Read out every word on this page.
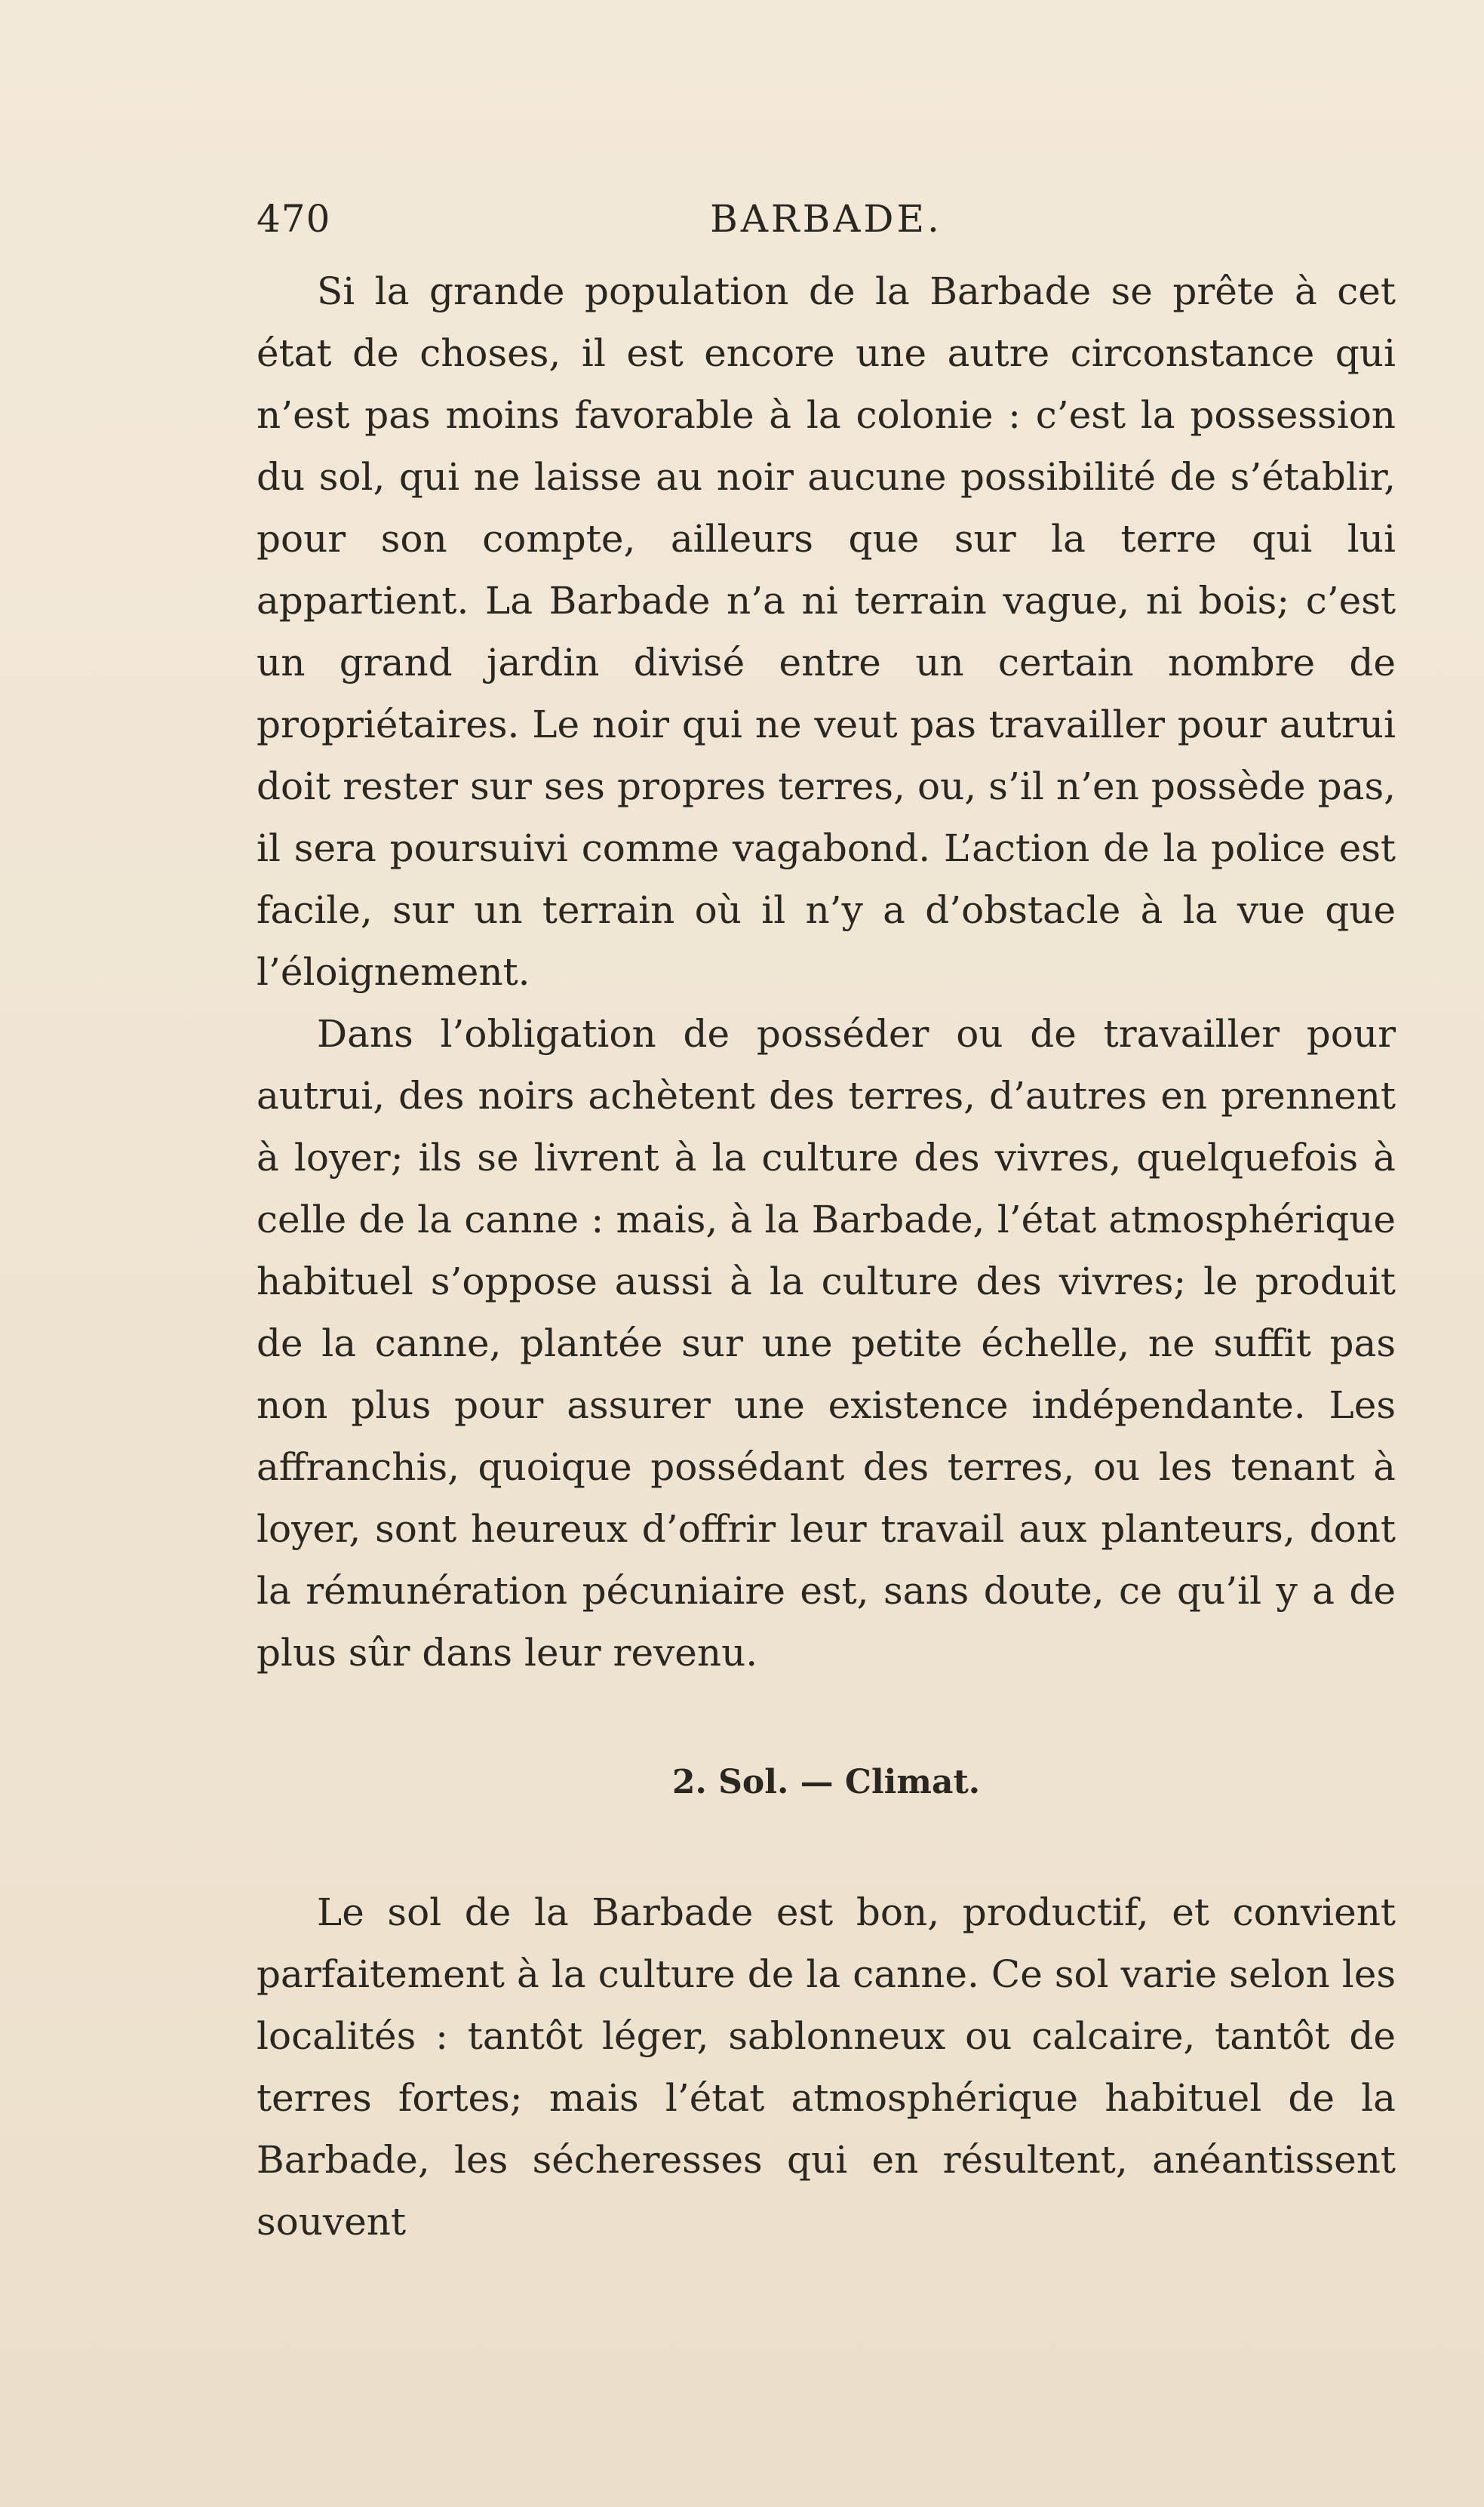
470	BARBADE.

Si la grande population de la Barbade se prête à cet état de choses, il est encore une autre circonstance qui n’est pas moins favorable à la colonie : c’est la possession du sol, qui ne laisse au noir aucune possibilité de s’établir, pour son compte, ailleurs que sur la terre qui lui appartient. La Barbade n’a ni terrain vague, ni bois; c’est un grand jardin divisé entre un certain nombre de propriétaires. Le noir qui ne veut pas travailler pour autrui doit rester sur ses propres terres, ou, s’il n’en possède pas, il sera poursuivi comme vagabond. L’action de la police est facile, sur un terrain où il n’y a d’obstacle à la vue que l’éloignement.

Dans l’obligation de posséder ou de travailler pour autrui, des noirs achètent des terres, d’autres en prennent à loyer; ils se livrent à la culture des vivres, quelquefois à celle de la canne : mais, à la Barbade, l’état atmosphérique habituel s’oppose aussi à la culture des vivres; le produit de la canne, plantée sur une petite échelle, ne suffit pas non plus pour assurer une existence indépendante. Les affranchis, quoique possédant des terres, ou les tenant à loyer, sont heureux d’offrir leur travail aux planteurs, dont la rémunération pécuniaire est, sans doute, ce qu’il y a de plus sûr dans leur revenu.

2. Sol. — Climat.

Le sol de la Barbade est bon, productif, et convient parfaitement à la culture de la canne. Ce sol varie selon les localités : tantôt léger, sablonneux ou calcaire, tantôt de terres fortes; mais l’état atmosphérique habituel de la Barbade, les sécheresses qui en résultent, anéantissent souvent
